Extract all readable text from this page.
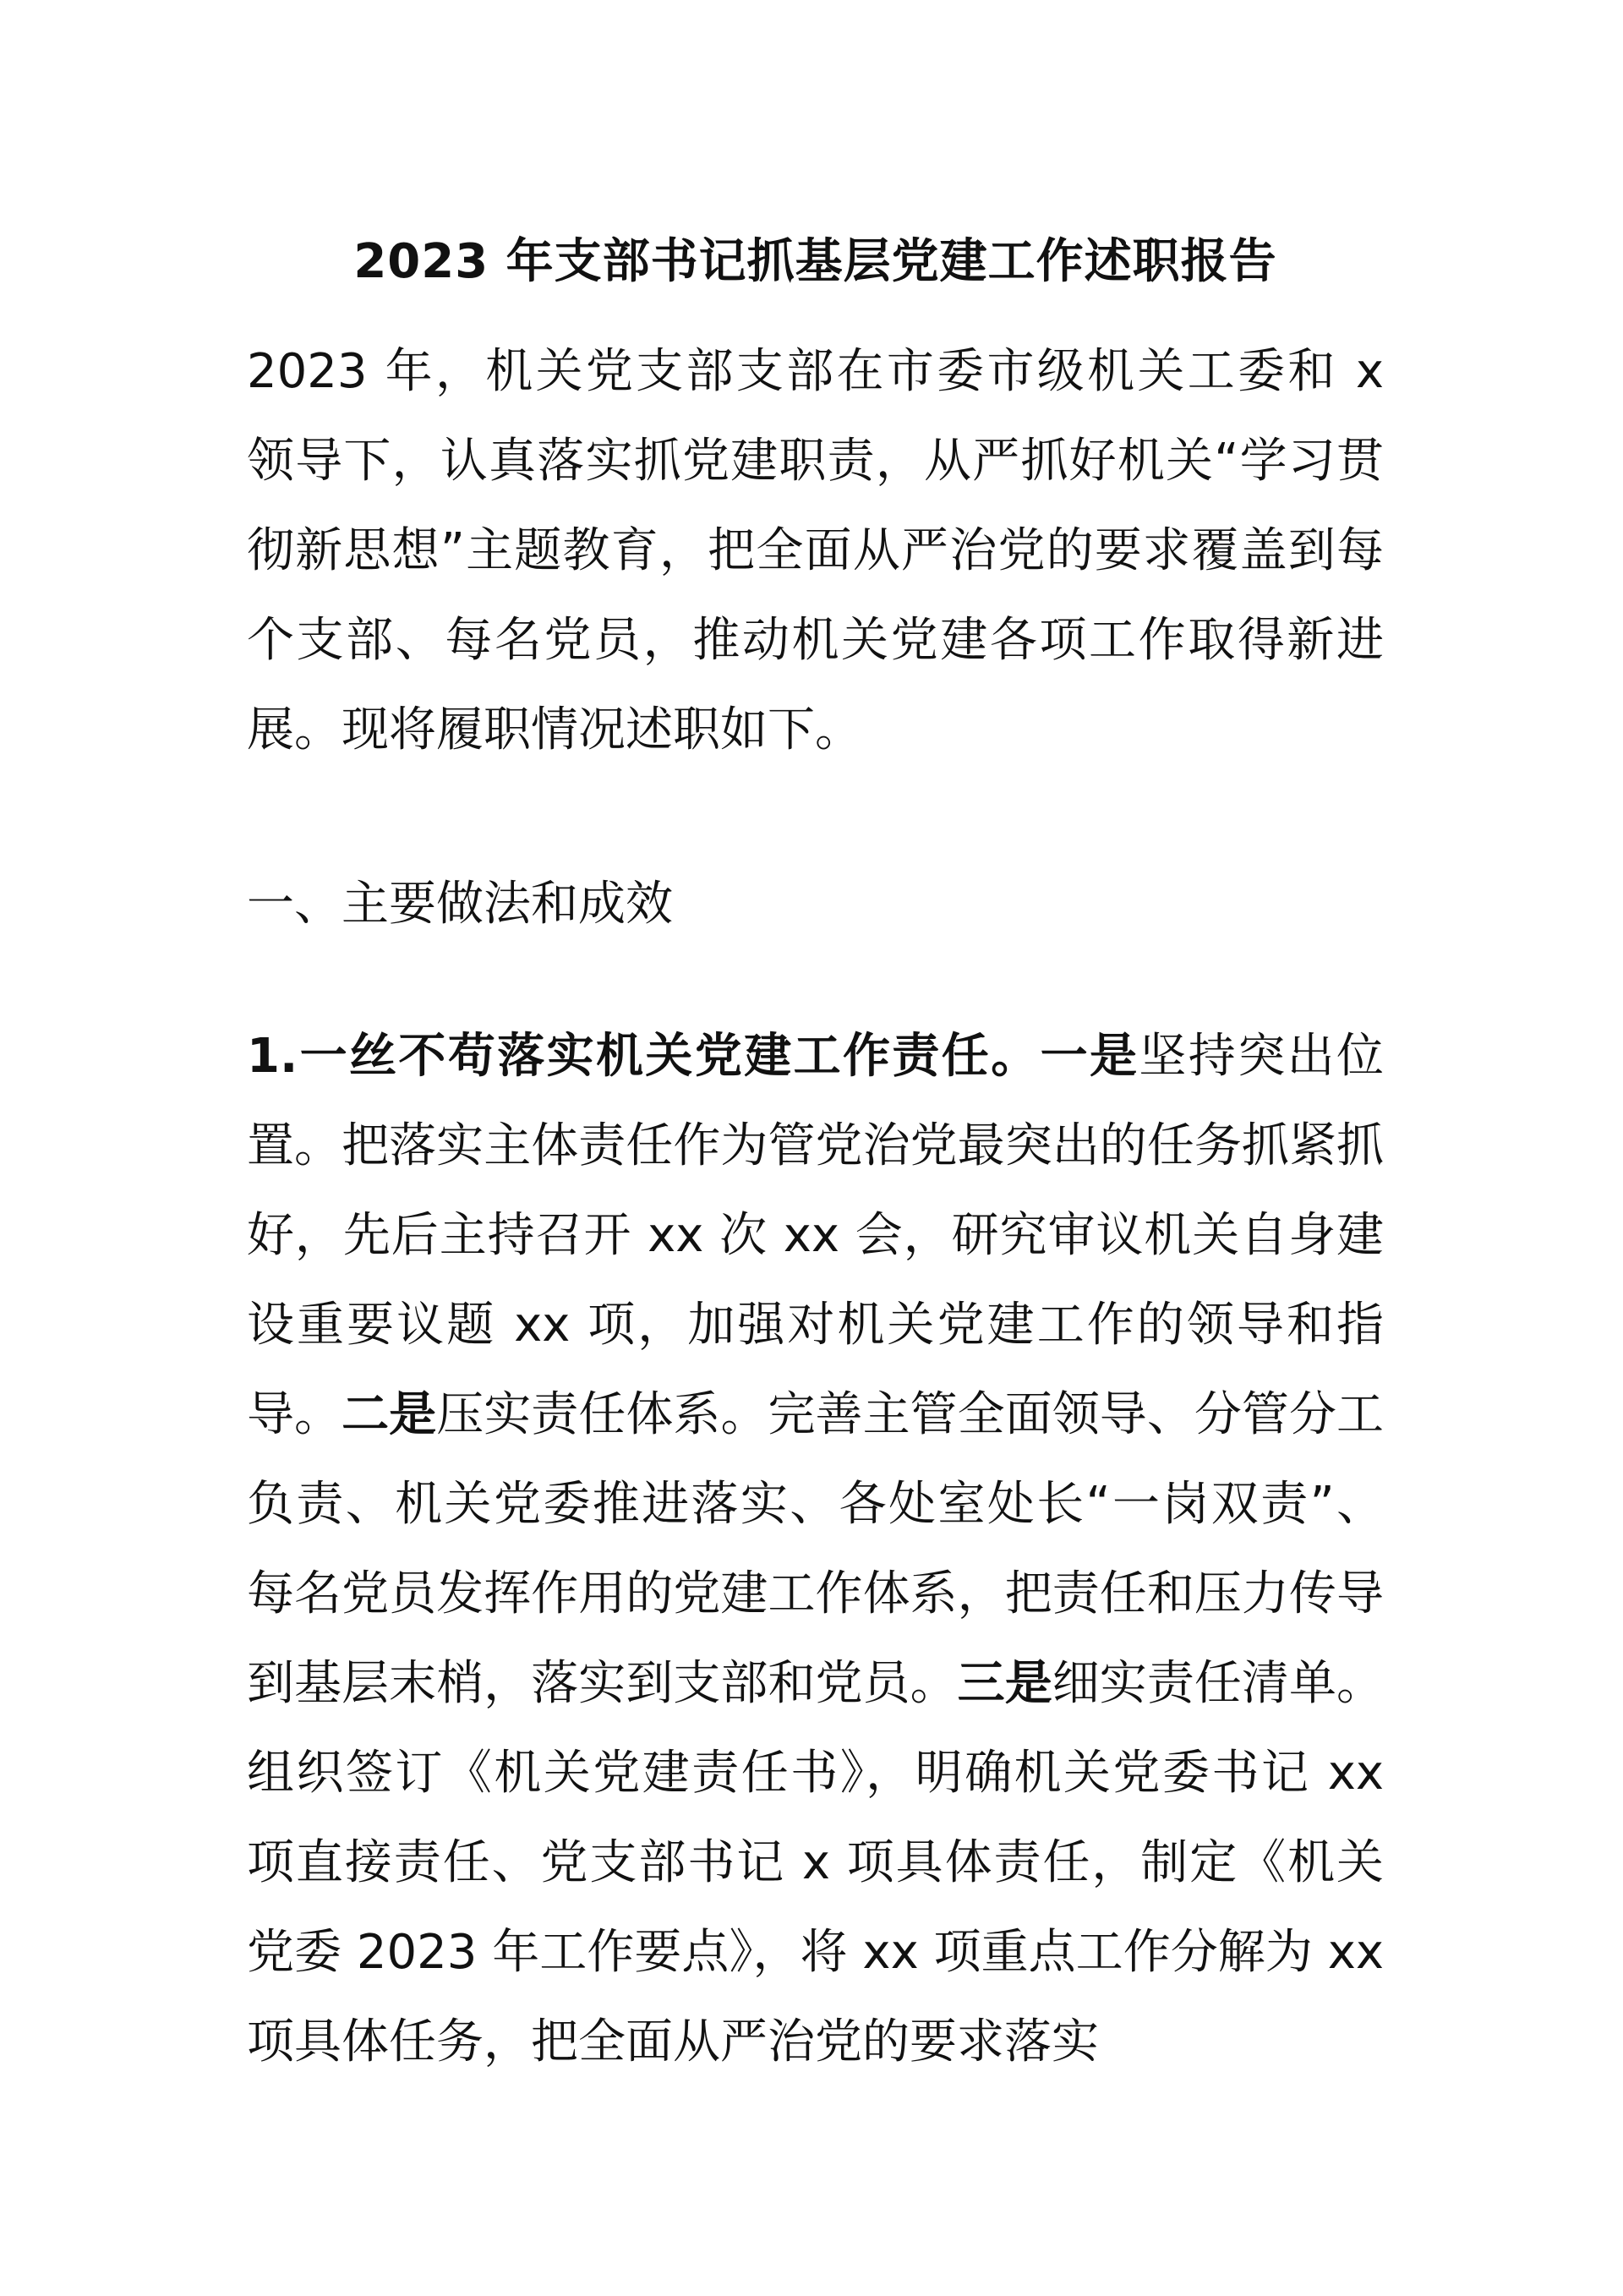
2023 年支部书记抓基层党建工作述职报告

2023 年，机关党支部支部在市委市级机关工委和 x 领导下，认真落实抓党建职责，从严抓好机关“学习贯彻新思想”主题教育，把全面从严治党的要求覆盖到每个支部、每名党员，推动机关党建各项工作取得新进展。现将履职情况述职如下。

一、主要做法和成效

1.一丝不苟落实机关党建工作责任。一是坚持突出位置。把落实主体责任作为管党治党最突出的任务抓紧抓好，先后主持召开 xx 次 xx 会，研究审议机关自身建设重要议题 xx 项，加强对机关党建工作的领导和指导。二是压实责任体系。完善主管全面领导、分管分工负责、机关党委推进落实、各处室处长“一岗双责”、每名党员发挥作用的党建工作体系，把责任和压力传导到基层末梢，落实到支部和党员。三是细实责任清单。组织签订《机关党建责任书》，明确机关党委书记 xx 项直接责任、党支部书记 x 项具体责任，制定《机关党委 2023 年工作要点》，将 xx 项重点工作分解为 xx 项具体任务，把全面从严治党的要求落实
